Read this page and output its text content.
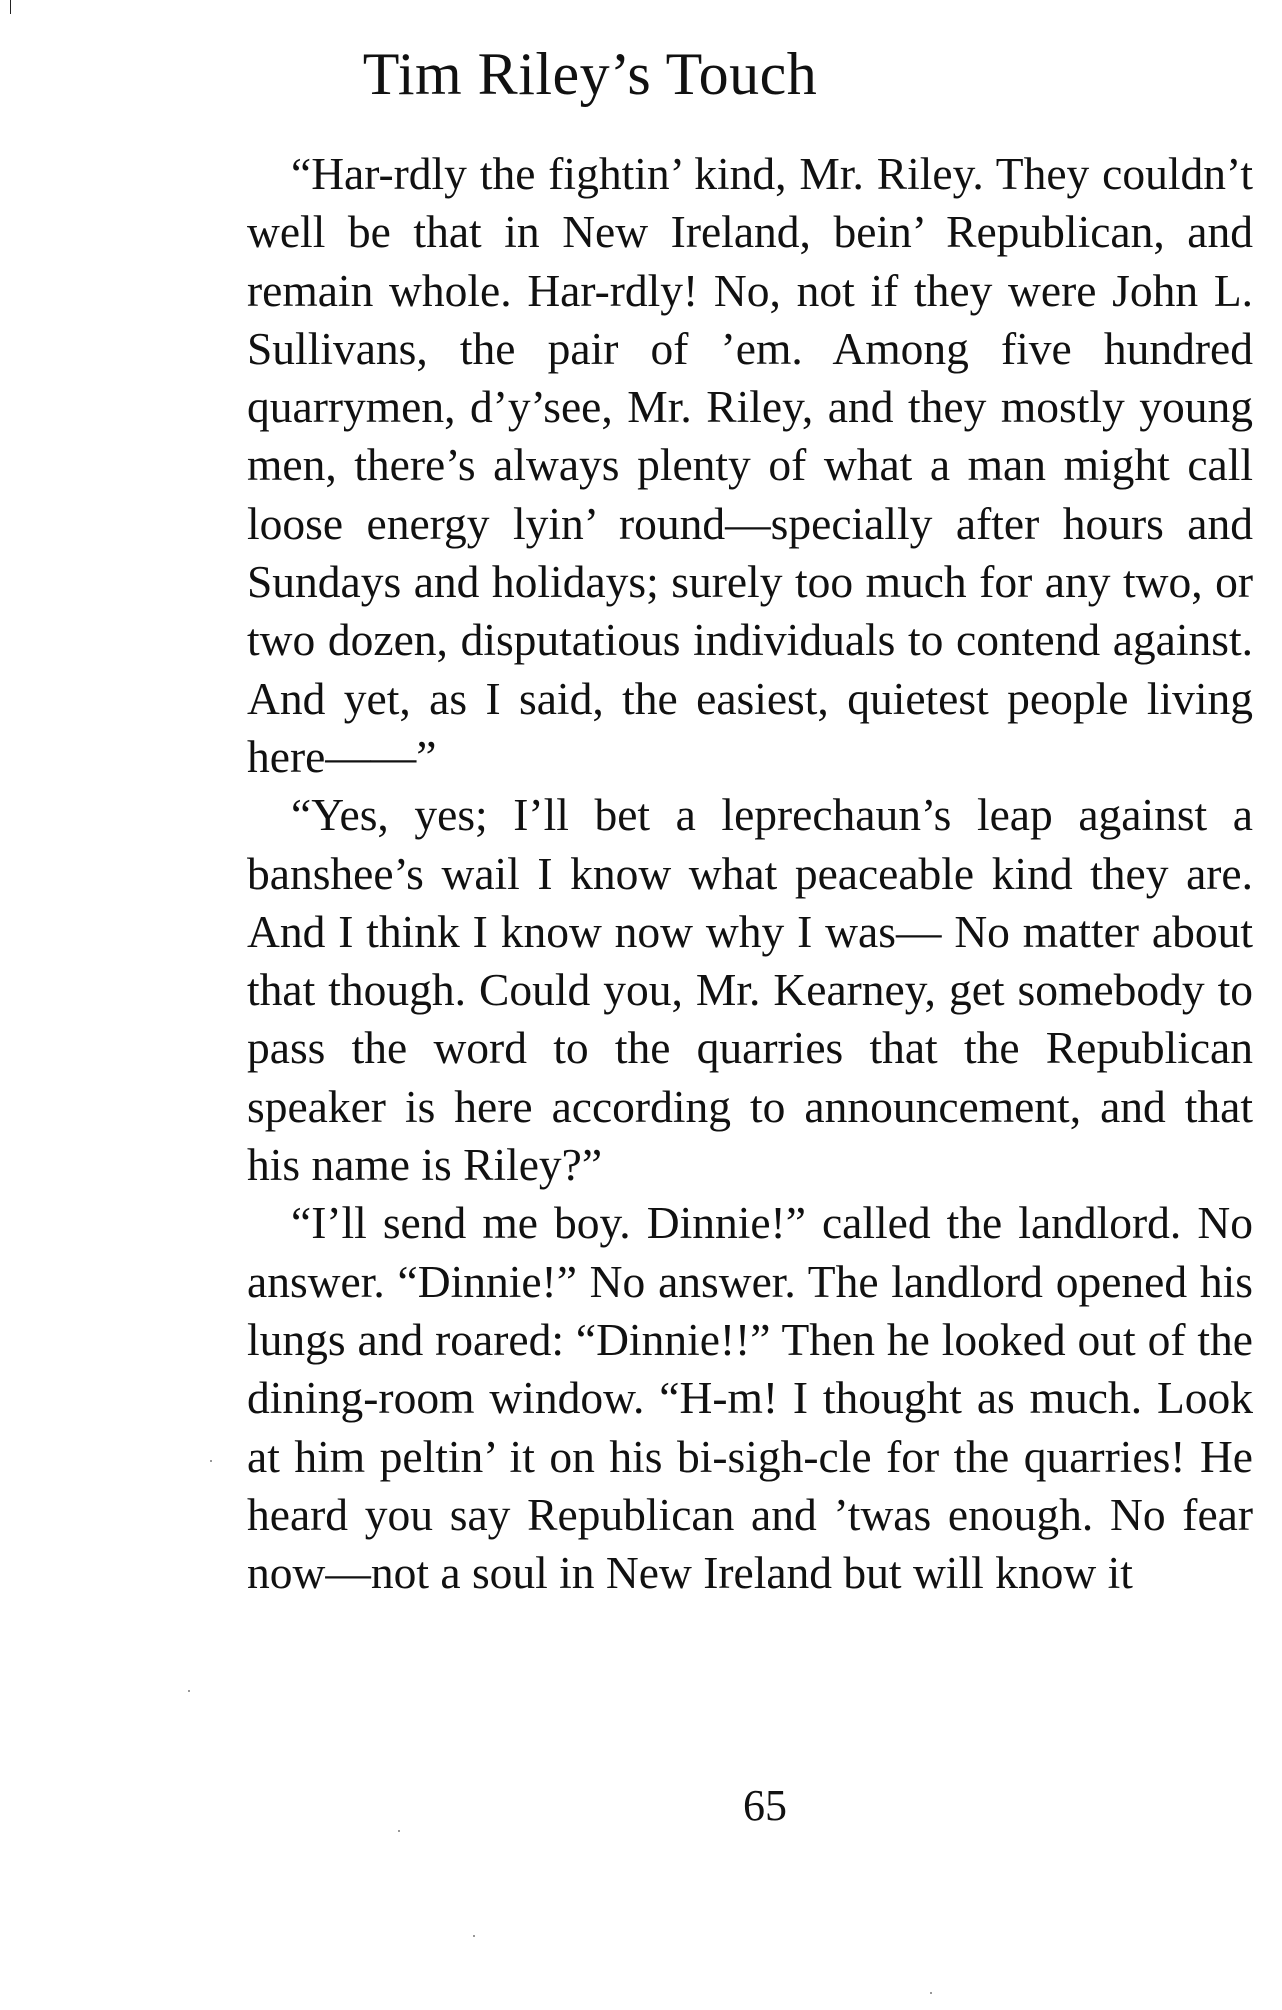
Tim Riley’s Touch

“Har-rdly the fightin’ kind, Mr. Riley. They couldn’t well be that in New Ireland, bein’ Republican, and remain whole. Har-rdly! No, not if they were John L. Sullivans, the pair of ’em. Among five hundred quarrymen, d’y’see, Mr. Riley, and they mostly young men, there’s always plenty of what a man might call loose energy lyin’ round—specially after hours and Sundays and holidays; surely too much for any two, or two dozen, disputatious individuals to contend against. And yet, as I said, the easiest, quietest people living here——”

“Yes, yes; I’ll bet a leprechaun’s leap against a banshee’s wail I know what peaceable kind they are. And I think I know now why I was— No matter about that though. Could you, Mr. Kearney, get somebody to pass the word to the quarries that the Republican speaker is here according to announcement, and that his name is Riley?”

“I’ll send me boy. Dinnie!” called the landlord. No answer. “Dinnie!” No answer. The landlord opened his lungs and roared: “Dinnie!!” Then he looked out of the dining-room window. “H-m! I thought as much. Look at him peltin’ it on his bi-sigh-cle for the quarries! He heard you say Republican and ’twas enough. No fear now—not a soul in New Ireland but will know it

65
